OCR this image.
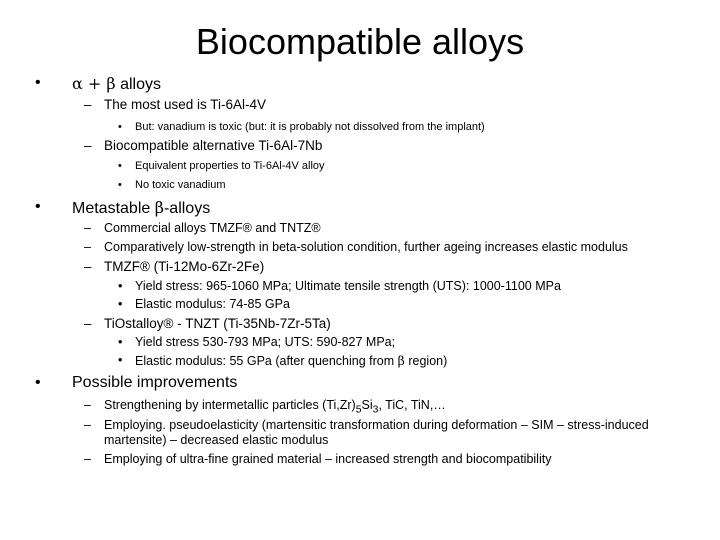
Biocompatible alloys
• α + β alloys
– The most used is Ti-6Al-4V
• But: vanadium is toxic (but: it is probably not dissolved from the implant)
– Biocompatible alternative Ti-6Al-7Nb
• Equivalent properties to Ti-6Al-4V alloy
• No toxic vanadium
• Metastable β-alloys
– Commercial alloys TMZF® and TNTZ®
– Comparatively low-strength in beta-solution condition, further ageing increases elastic modulus
– TMZF® (Ti-12Mo-6Zr-2Fe)
• Yield stress: 965-1060 MPa; Ultimate tensile strength (UTS): 1000-1100 MPa
• Elastic modulus: 74-85 GPa
– TiOstalloy® - TNZT (Ti-35Nb-7Zr-5Ta)
• Yield stress 530-793 MPa; UTS: 590-827 MPa;
• Elastic modulus: 55 GPa (after quenching from β region)
• Possible improvements
– Strengthening by intermetallic particles $(Ti,Zr)_5Si_3$, TiC, TiN,…
– Employing. pseudoelasticity (martensitic transformation during deformation – SIM – stress-induced martensite) – decreased elastic modulus
– Employing of ultra-fine grained material – increased strength and biocompatibility
